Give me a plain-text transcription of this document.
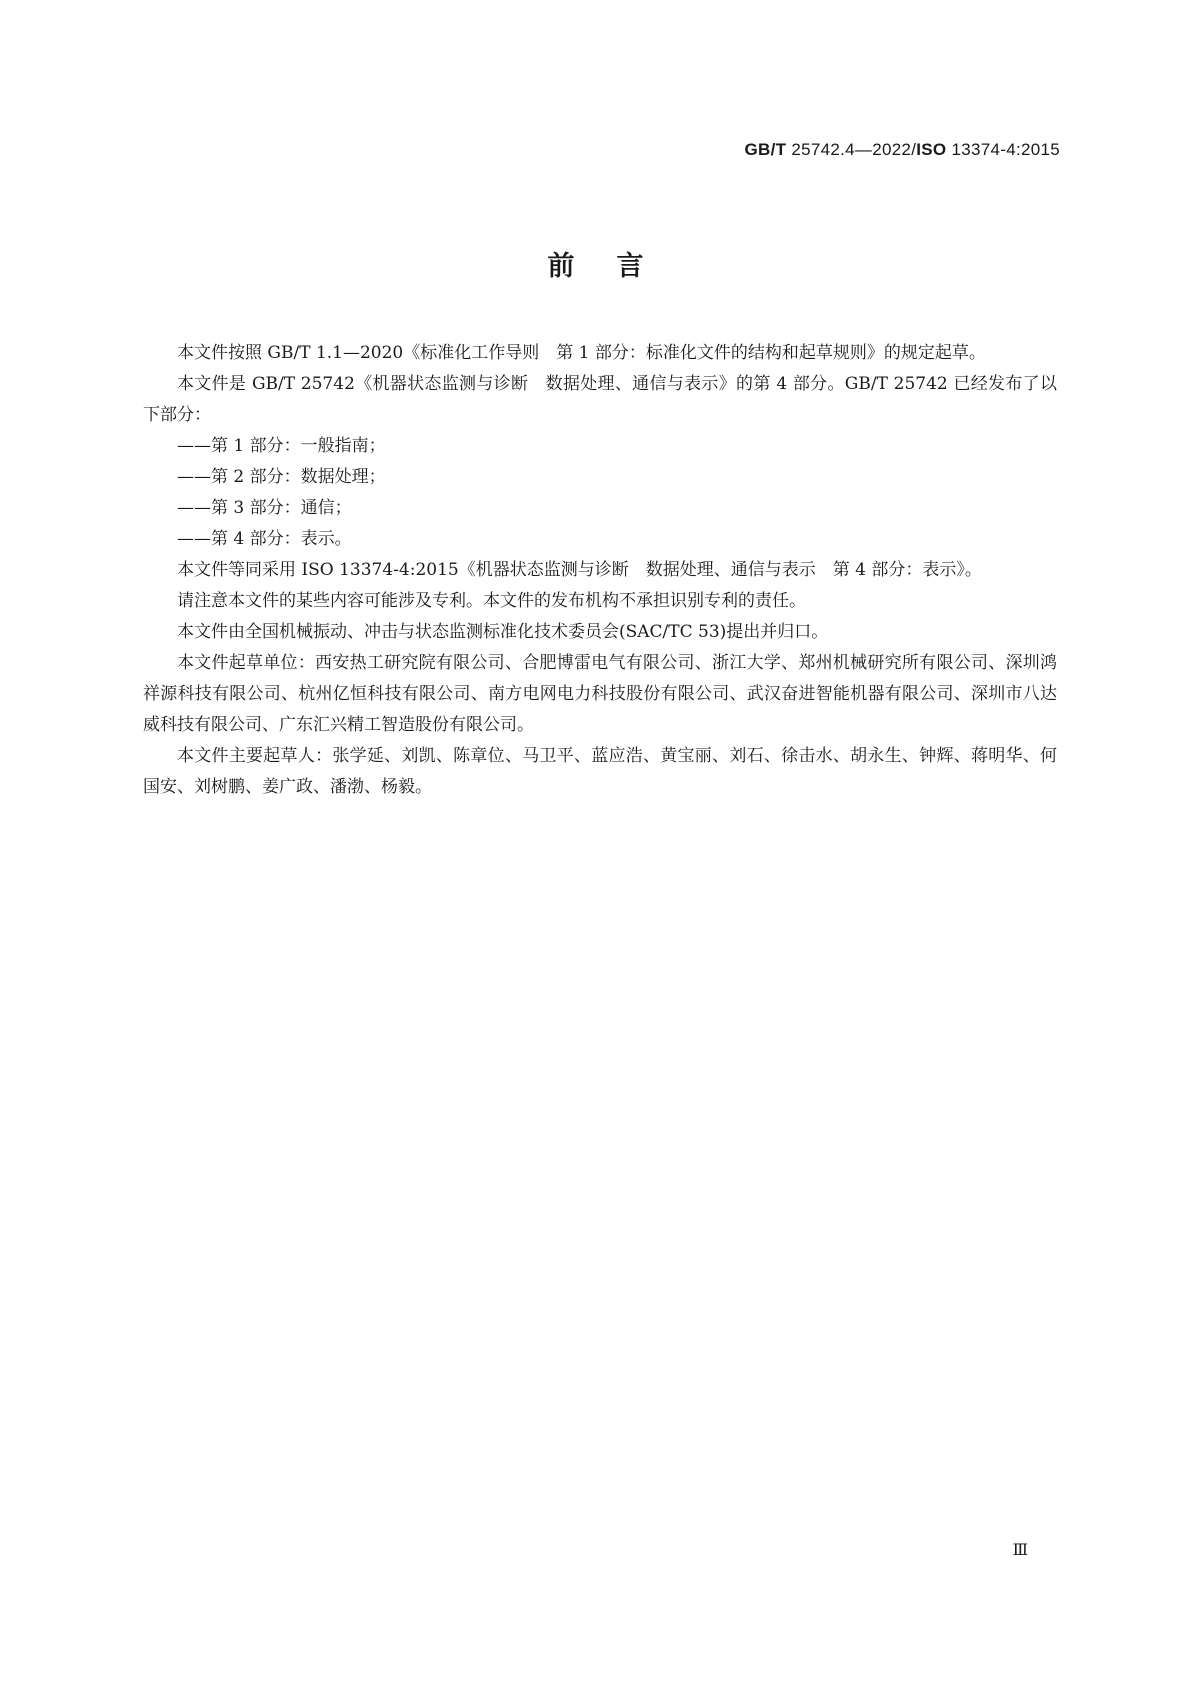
GB/T 25742.4—2022/ISO 13374-4:2015
前言

本文件按照 GB/T 1.1—2020《标准化工作导则　第 1 部分：标准化文件的结构和起草规则》的规定起草。

本文件是 GB/T 25742《机器状态监测与诊断　数据处理、通信与表示》的第 4 部分。GB/T 25742 已经发布了以下部分：

——第 1 部分：一般指南；

——第 2 部分：数据处理；

——第 3 部分：通信；

——第 4 部分：表示。

本文件等同采用 ISO 13374-4:2015《机器状态监测与诊断　数据处理、通信与表示　第 4 部分：表示》。

请注意本文件的某些内容可能涉及专利。本文件的发布机构不承担识别专利的责任。

本文件由全国机械振动、冲击与状态监测标准化技术委员会(SAC/TC 53)提出并归口。

本文件起草单位：西安热工研究院有限公司、合肥博雷电气有限公司、浙江大学、郑州机械研究所有限公司、深圳鸿祥源科技有限公司、杭州亿恒科技有限公司、南方电网电力科技股份有限公司、武汉奋进智能机器有限公司、深圳市八达威科技有限公司、广东汇兴精工智造股份有限公司。

本文件主要起草人：张学延、刘凯、陈章位、马卫平、蓝应浩、黄宝丽、刘石、徐击水、胡永生、钟辉、蒋明华、何国安、刘树鹏、姜广政、潘渤、杨毅。

Ⅲ
